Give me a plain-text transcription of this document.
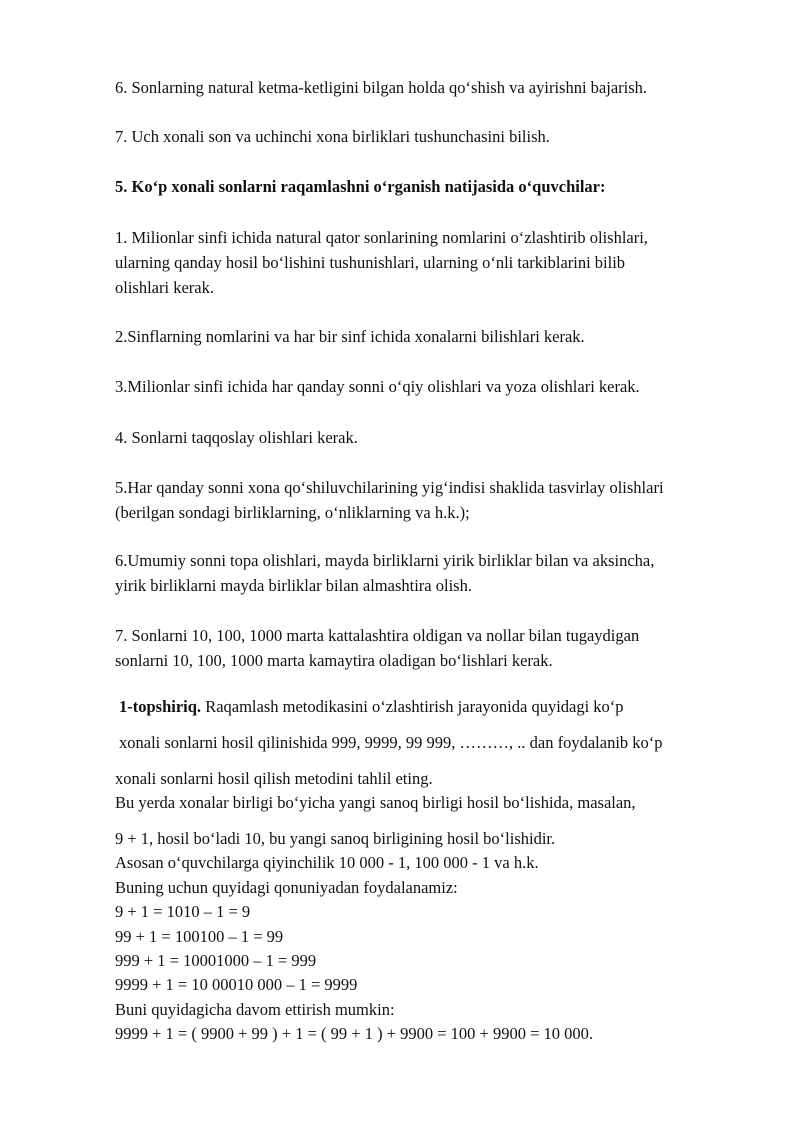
6. Sonlarning natural ketma-ketligini bilgan holda qo‘shish va ayirishni bajarish.
7. Uch xonali son va uchinchi xona birliklari tushunchasini bilish.
5. Ko‘p xonali sonlarni raqamlashni o‘rganish natijasida o‘quvchilar:
1. Milionlar sinfi ichida natural qator sonlarining nomlarini o‘zlashtirib olishlari,
ularning qanday hosil bo‘lishini tushunishlari, ularning o‘nli tarkiblarini bilib
olishlari kerak.
2.Sinflarning nomlarini va har bir sinf ichida xonalarni bilishlari kerak.
3.Milionlar sinfi ichida har qanday sonni o‘qiy olishlari va yoza olishlari kerak.
4. Sonlarni taqqoslay olishlari kerak.
5.Har qanday sonni xona qo‘shiluvchilarining yig‘indisi shaklida tasvirlay olishlari
(berilgan sondagi birliklarning, o‘nliklarning va h.k.);
6.Umumiy sonni topa olishlari, mayda birliklarni yirik birliklar bilan va aksincha,
yirik birliklarni mayda birliklar bilan almashtira olish.
7. Sonlarni 10, 100, 1000 marta kattalashtira oldigan va nollar bilan tugaydigan
sonlarni 10, 100, 1000 marta kamaytira oladigan bo‘lishlari kerak.
1-topshiriq. Raqamlash metodikasini o‘zlashtirish jarayonida quyidagi ko‘p
xonali sonlarni hosil qilinishida 999, 9999, 99 999, ………, .. dan foydalanib ko‘p
xonali sonlarni hosil qilish metodini tahlil eting.
Bu yerda xonalar birligi bo‘yicha yangi sanoq birligi hosil bo‘lishida, masalan,
9 + 1, hosil bo‘ladi 10, bu yangi sanoq birligining hosil bo‘lishidir.
Asosan o‘quvchilarga qiyinchilik 10 000 - 1, 100 000 - 1 va h.k.
Buning uchun quyidagi qonuniyadan foydalanamiz:
9 + 1 = 1010 – 1 = 9
99 + 1 = 100100 – 1 = 99
999 + 1 = 10001000 – 1 = 999
9999 + 1 = 10 00010 000 – 1 = 9999
Buni quyidagicha davom ettirish mumkin:
9999 + 1 = ( 9900 + 99 ) + 1 = ( 99 + 1 ) + 9900 = 100 + 9900 = 10 000.
